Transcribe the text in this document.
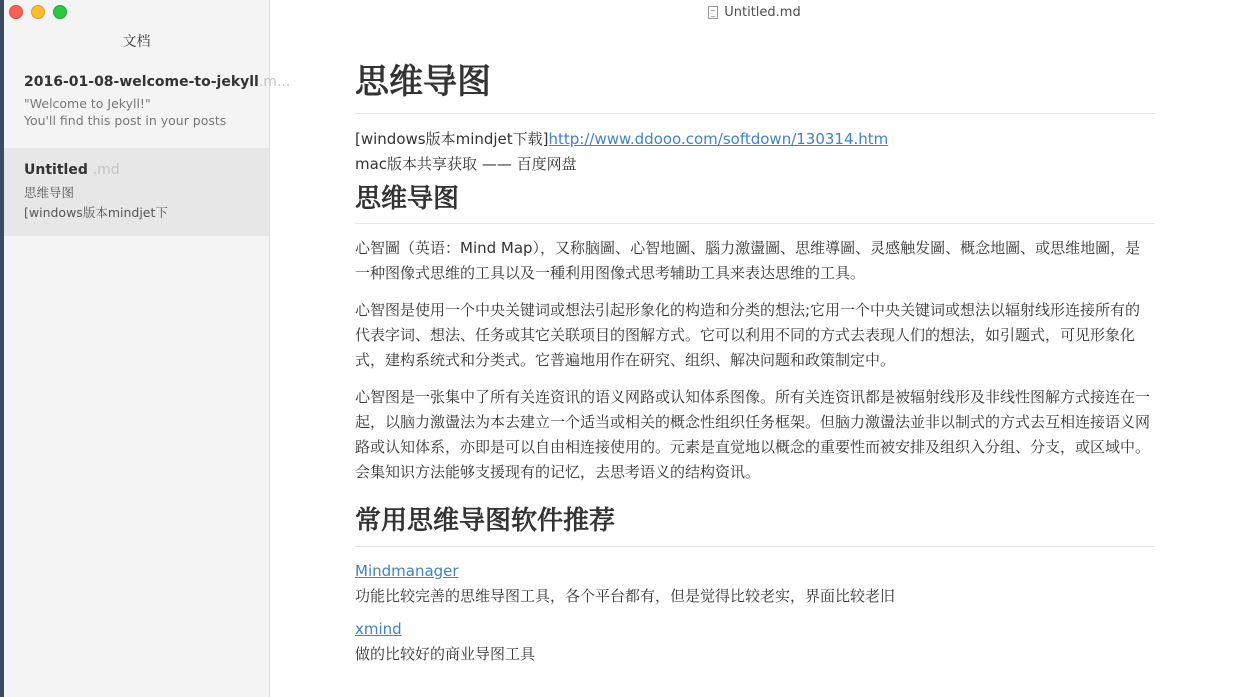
文档
2016-01-08-welcome-to-jekyll.m...
"Welcome to Jekyll!"
You'll find this post in your posts
Untitled .md
思维导图
[windows版本mindjet下
Untitled.md
思维导图

[windows版本mindjet下载]http://www.ddooo.com/softdown/130314.htm

mac版本共享获取 —— 百度网盘

思维导图

心智圖（英语：Mind Map），又称脑圖、心智地圖、腦力激盪圖、思维導圖、灵感触发圖、概念地圖、或思维地圖，是一种图像式思维的工具以及一種利用图像式思考辅助工具来表达思维的工具。

心智图是使用一个中央关键词或想法引起形象化的构造和分类的想法;它用一个中央关键词或想法以辐射线形连接所有的代表字词、想法、任务或其它关联项目的图解方式。它可以利用不同的方式去表现人们的想法，如引题式，可见形象化式，建构系统式和分类式。它普遍地用作在研究、组织、解决问题和政策制定中。

心智图是一张集中了所有关连资讯的语义网路或认知体系图像。所有关连资讯都是被辐射线形及非线性图解方式接连在一起，以脑力激盪法为本去建立一个适当或相关的概念性组织任务框架。但脑力激盪法並非以制式的方式去互相连接语义网路或认知体系，亦即是可以自由相连接使用的。元素是直觉地以概念的重要性而被安排及组织入分组、分支，或区域中。会集知识方法能够支援现有的记忆，去思考语义的结构资讯。

常用思维导图软件推荐

Mindmanager

功能比较完善的思维导图工具，各个平台都有，但是觉得比较老实，界面比较老旧

xmind

做的比较好的商业导图工具
